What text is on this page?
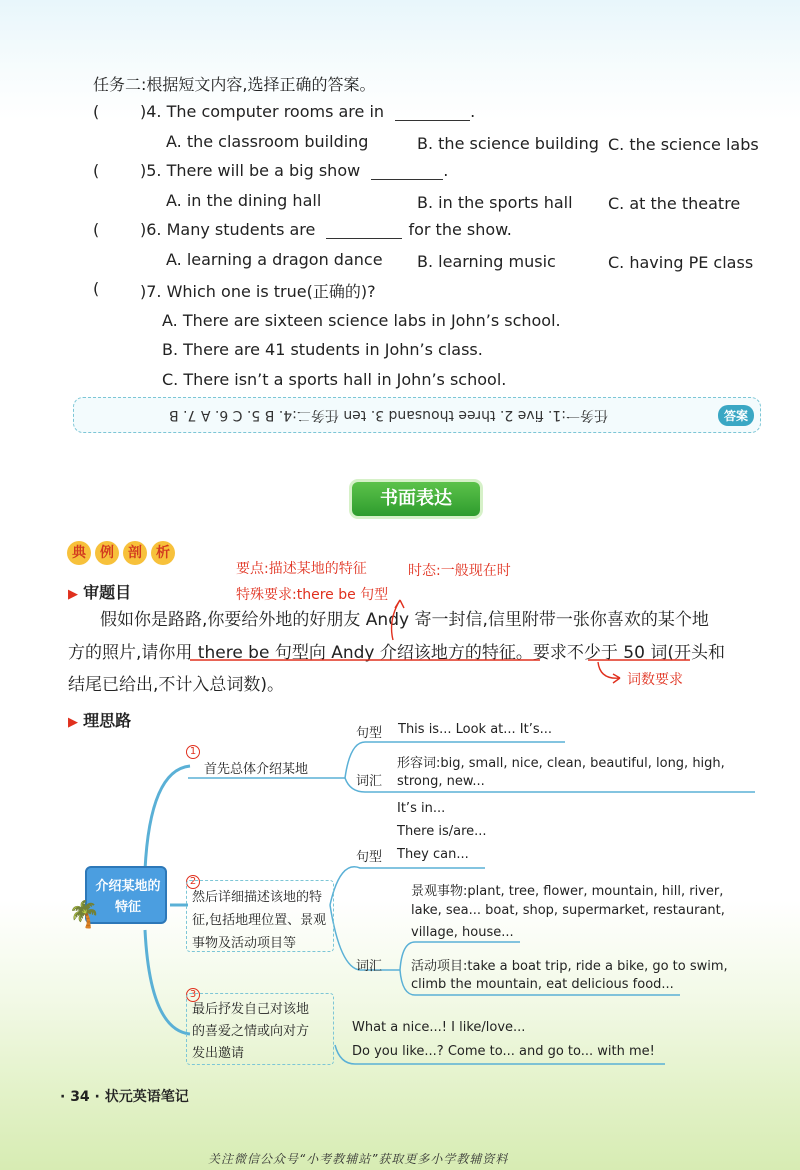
任务二:根据短文内容,选择正确的答案。
(	)4. The computer rooms are in	.
A. the classroom building	B. the science building C. the science labs
(	)5. There will be a big show	.
A. in the dining hall	B. in the sports hall C. at the theatre
(	)6. Many students are	for the show.
A. learning a dragon dance B. learning music	C. having PE class
(	)7. Which one is true(正确的)?
A. There are sixteen science labs in John’s school.
B. There are 41 students in John’s class.
C. There isn’t a sports hall in John’s school.
答案
任务一:1. five 2. three thousand 3. ten 任务二:4. B 5. C 6. A 7. B
书面表达
典	例	剖	析
要点:描述某地的特征	时态:一般现在时
特殊要求:there be 句型
▶ 审题目
假如你是路路,你要给外地的好朋友 Andy 寄一封信,信里附带一张你喜欢的某个地
方的照片,请你用 there be 句型向 Andy 介绍该地方的特征。要求不少于 50 词(开头和
结尾已给出,不计入总词数)。	词数要求
▶ 理思路
介绍某地的特征
🌴
1
首先总体介绍某地
2
然后详细描述该地的特
征,包括地理位置、景观
事物及活动项目等
3
最后抒发自己对该地
的喜爱之情或向对方
发出邀请
句型 This is... Look at... It’s...
词汇
形容词:big, small, nice, clean, beautiful, long, high,
strong, new...
It’s in...
There is/are...
句型 They can...
景观事物:plant, tree, flower, mountain, hill, river,
lake, sea... boat, shop, supermarket, restaurant,
village, house...
词汇 活动项目:take a boat trip, ride a bike, go to swim,
climb the mountain, eat delicious food...
What a nice...! I like/love...
Do you like...? Come to... and go to... with me!
· 34 · 状元英语笔记
关注微信公众号“小考教辅站”获取更多小学教辅资料
